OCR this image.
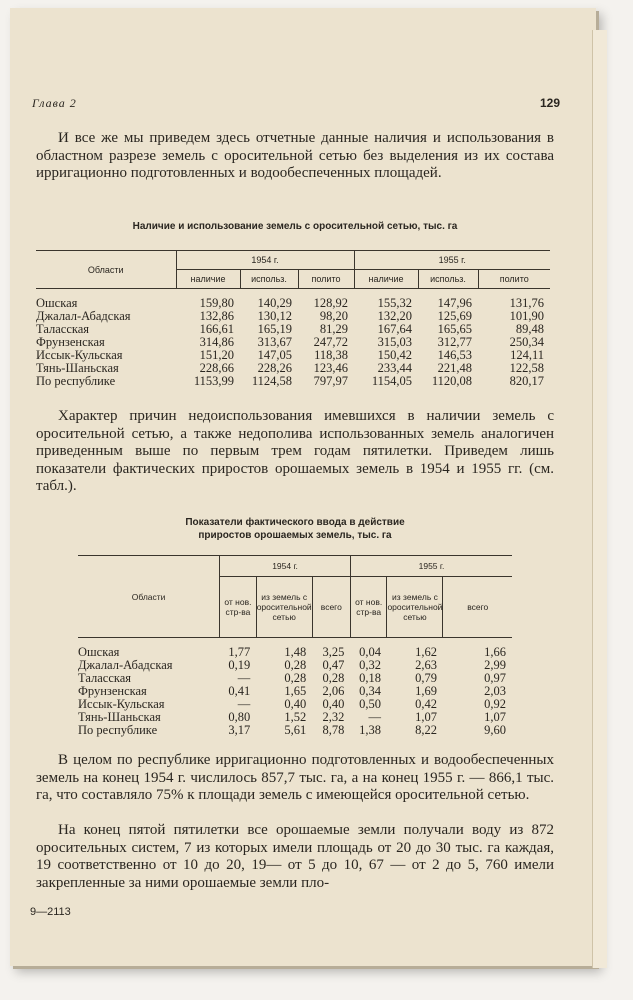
Глава 2	129

И все же мы приведем здесь отчетные данные наличия и использования в областном разрезе земель с оросительной сетью без выделения из их состава ирригационно подготовленных и водообеспеченных площадей.

Наличие и использование земель с оросительной сетью, тыс. га
Области	1954 г.			1955 г.		
	наличие	использ.	полито	наличие	использ.	полито
Ошская	159,80	140,29	128,92	155,32	147,96	131,76
Джалал-Абадская	132,86	130,12	98,20	132,20	125,69	101,90
Таласская	166,61	165,19	81,29	167,64	165,65	89,48
Фрунзенская	314,86	313,67	247,72	315,03	312,77	250,34
Иссык-Кульская	151,20	147,05	118,38	150,42	146,53	124,11
Тянь-Шаньская	228,66	228,26	123,46	233,44	221,48	122,58
По республике	1153,99	1124,58	797,97	1154,05	1120,08	820,17

Характер причин недоиспользования имевшихся в наличии земель с оросительной сетью, а также недополива использованных земель аналогичен приведенным выше по первым трем годам пятилетки. Приведем лишь показатели фактических приростов орошаемых земель в 1954 и 1955 гг. (см. табл.).

Показатели фактического ввода в действие
приростов орошаемых земель, тыс. га
Области	1954 г.			1955 г.		
	от нов. стр-ва	из земель с оросительной сетью	всего	от нов. стр-ва	из земель с оросительной сетью	всего
Ошская	1,77	1,48	3,25	0,04	1,62	1,66
Джалал-Абадская	0,19	0,28	0,47	0,32	2,63	2,99
Таласская	—	0,28	0,28	0,18	0,79	0,97
Фрунзенская	0,41	1,65	2,06	0,34	1,69	2,03
Иссык-Кульская	—	0,40	0,40	0,50	0,42	0,92
Тянь-Шаньская	0,80	1,52	2,32	—	1,07	1,07
По республике	3,17	5,61	8,78	1,38	8,22	9,60

В целом по республике ирригационно подготовленных и водообеспеченных земель на конец 1954 г. числилось 857,7 тыс. га, а на конец 1955 г. — 866,1 тыс. га, что составляло 75% к площади земель с имеющейся оросительной сетью.

На конец пятой пятилетки все орошаемые земли получали воду из 872 оросительных систем, 7 из которых имели площадь от 20 до 30 тыс. га каждая, 19 соответственно от 10 до 20, 19— от 5 до 10, 67 — от 2 до 5, 760 имели закрепленные за ними орошаемые земли пло-

9—2113
